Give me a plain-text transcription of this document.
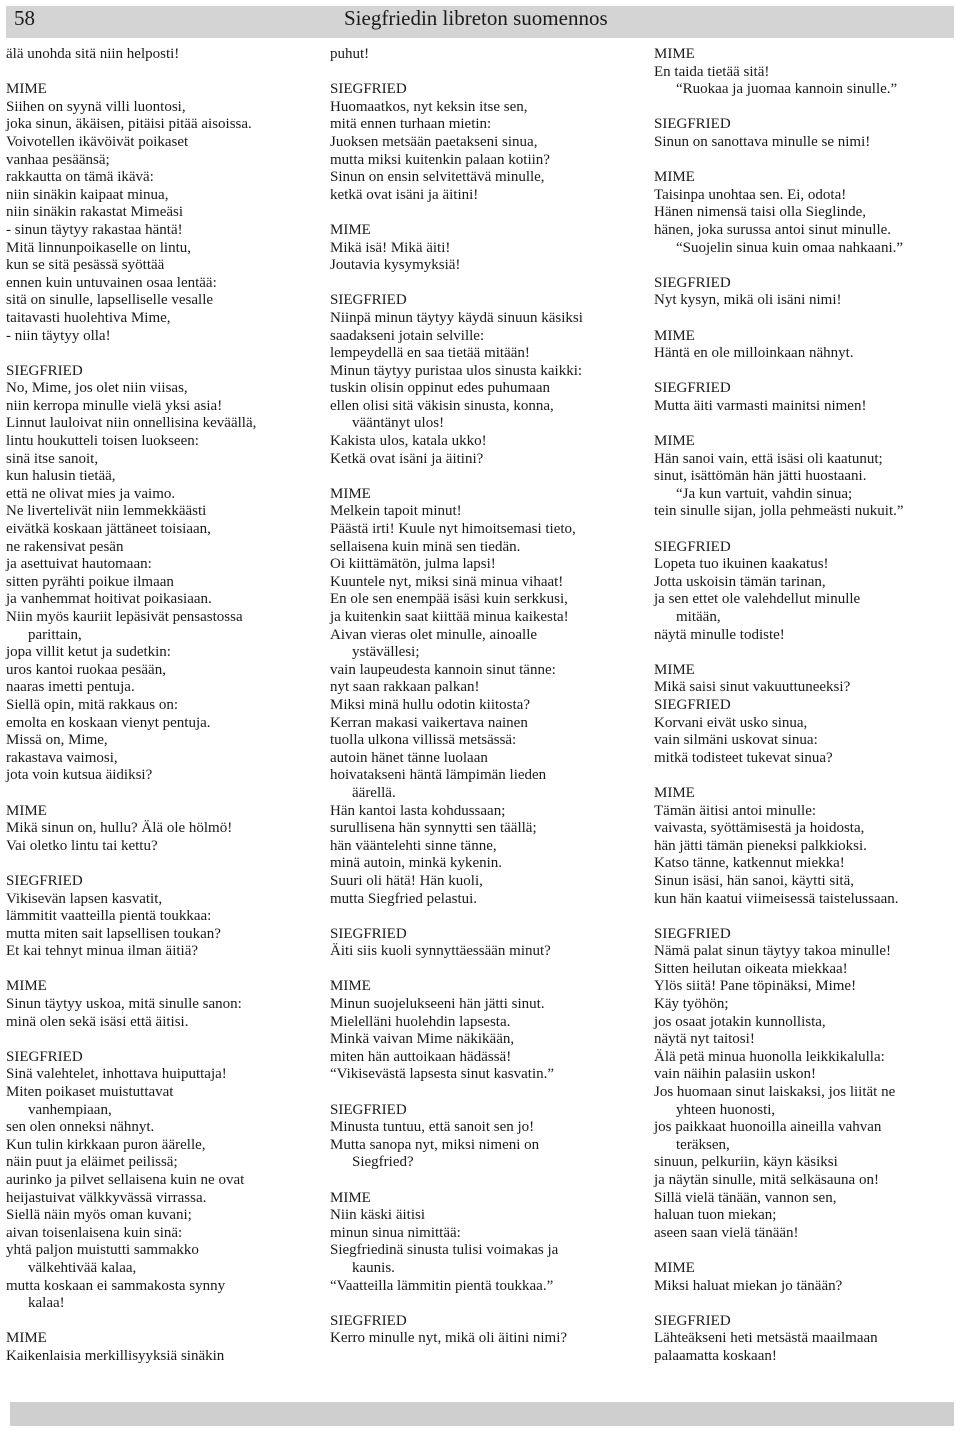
58	Siegfriedin libreton suomennos
älä unohda sitä niin helposti!
MIME
Siihen on syynä villi luontosi,
joka sinun, äkäisen, pitäisi pitää aisoissa.
Voivotellen ikävöivät poikaset
vanhaa pesäänsä;
rakkautta on tämä ikävä:
niin sinäkin kaipaat minua,
niin sinäkin rakastat Mimeäsi
- sinun täytyy rakastaa häntä!
Mitä linnunpoikaselle on lintu,
kun se sitä pesässä syöttää
ennen kuin untuvainen osaa lentää:
sitä on sinulle, lapselliselle vesalle
taitavasti huolehtiva Mime,
- niin täytyy olla!
SIEGFRIED
No, Mime, jos olet niin viisas,
niin kerropa minulle vielä yksi asia!
Linnut lauloivat niin onnellisina keväällä,
lintu houkutteli toisen luokseen:
sinä itse sanoit,
kun halusin tietää,
että ne olivat mies ja vaimo.
Ne livertelivät niin lemmekkäästi
eivätkä koskaan jättäneet toisiaan,
ne rakensivat pesän
ja asettuivat hautomaan:
sitten pyrähti poikue ilmaan
ja vanhemmat hoitivat poikasiaan.
Niin myös kauriit lepäsivät pensastossa
parittain,
jopa villit ketut ja sudetkin:
uros kantoi ruokaa pesään,
naaras imetti pentuja.
Siellä opin, mitä rakkaus on:
emolta en koskaan vienyt pentuja.
Missä on, Mime,
rakastava vaimosi,
jota voin kutsua äidiksi?
MIME
Mikä sinun on, hullu? Älä ole hölmö!
Vai oletko lintu tai kettu?
SIEGFRIED
Vikisevän lapsen kasvatit,
lämmitit vaatteilla pientä toukkaa:
mutta miten sait lapsellisen toukan?
Et kai tehnyt minua ilman äitiä?
MIME
Sinun täytyy uskoa, mitä sinulle sanon:
minä olen sekä isäsi että äitisi.
SIEGFRIED
Sinä valehtelet, inhottava huiputtaja!
Miten poikaset muistuttavat
vanhempiaan,
sen olen onneksi nähnyt.
Kun tulin kirkkaan puron äärelle,
näin puut ja eläimet peilissä;
aurinko ja pilvet sellaisena kuin ne ovat
heijastuivat välkkyvässä virrassa.
Siellä näin myös oman kuvani;
aivan toisenlaisena kuin sinä:
yhtä paljon muistutti sammakko
välkehtivää kalaa,
mutta koskaan ei sammakosta synny
kalaa!
MIME
Kaikenlaisia merkillisyyksiä sinäkin
puhut!
SIEGFRIED
Huomaatkos, nyt keksin itse sen,
mitä ennen turhaan mietin:
Juoksen metsään paetakseni sinua,
mutta miksi kuitenkin palaan kotiin?
Sinun on ensin selvitettävä minulle,
ketkä ovat isäni ja äitini!
MIME
Mikä isä! Mikä äiti!
Joutavia kysymyksiä!
SIEGFRIED
Niinpä minun täytyy käydä sinuun käsiksi
saadakseni jotain selville:
lempeydellä en saa tietää mitään!
Minun täytyy puristaa ulos sinusta kaikki:
tuskin olisin oppinut edes puhumaan
ellen olisi sitä väkisin sinusta, konna,
vääntänyt ulos!
Kakista ulos, katala ukko!
Ketkä ovat isäni ja äitini?
MIME
Melkein tapoit minut!
Päästä irti! Kuule nyt himoitsemasi tieto,
sellaisena kuin minä sen tiedän.
Oi kiittämätön, julma lapsi!
Kuuntele nyt, miksi sinä minua vihaat!
En ole sen enempää isäsi kuin serkkusi,
ja kuitenkin saat kiittää minua kaikesta!
Aivan vieras olet minulle, ainoalle
ystävällesi;
vain laupeudesta kannoin sinut tänne:
nyt saan rakkaan palkan!
Miksi minä hullu odotin kiitosta?
Kerran makasi vaikertava nainen
tuolla ulkona villissä metsässä:
autoin hänet tänne luolaan
hoivatakseni häntä lämpimän lieden
äärellä.
Hän kantoi lasta kohdussaan;
surullisena hän synnytti sen täällä;
hän vääntelehti sinne tänne,
minä autoin, minkä kykenin.
Suuri oli hätä! Hän kuoli,
mutta Siegfried pelastui.
SIEGFRIED
Äiti siis kuoli synnyttäessään minut?
MIME
Minun suojelukseeni hän jätti sinut.
Mielelläni huolehdin lapsesta.
Minkä vaivan Mime näkikään,
miten hän auttoikaan hädässä!
“Vikisevästä lapsesta sinut kasvatin.”
SIEGFRIED
Minusta tuntuu, että sanoit sen jo!
Mutta sanopa nyt, miksi nimeni on
Siegfried?
MIME
Niin käski äitisi
minun sinua nimittää:
Siegfriedinä sinusta tulisi voimakas ja
kaunis.
“Vaatteilla lämmitin pientä toukkaa.”
SIEGFRIED
Kerro minulle nyt, mikä oli äitini nimi?
MIME
En taida tietää sitä!
“Ruokaa ja juomaa kannoin sinulle.”
SIEGFRIED
Sinun on sanottava minulle se nimi!
MIME
Taisinpa unohtaa sen. Ei, odota!
Hänen nimensä taisi olla Sieglinde,
hänen, joka surussa antoi sinut minulle.
“Suojelin sinua kuin omaa nahkaani.”
SIEGFRIED
Nyt kysyn, mikä oli isäni nimi!
MIME
Häntä en ole milloinkaan nähnyt.
SIEGFRIED
Mutta äiti varmasti mainitsi nimen!
MIME
Hän sanoi vain, että isäsi oli kaatunut;
sinut, isättömän hän jätti huostaani.
“Ja kun vartuit, vahdin sinua;
tein sinulle sijan, jolla pehmeästi nukuit.”
SIEGFRIED
Lopeta tuo ikuinen kaakatus!
Jotta uskoisin tämän tarinan,
ja sen ettet ole valehdellut minulle
mitään,
näytä minulle todiste!
MIME
Mikä saisi sinut vakuuttuneeksi?
SIEGFRIED
Korvani eivät usko sinua,
vain silmäni uskovat sinua:
mitkä todisteet tukevat sinua?
MIME
Tämän äitisi antoi minulle:
vaivasta, syöttämisestä ja hoidosta,
hän jätti tämän pieneksi palkkioksi.
Katso tänne, katkennut miekka!
Sinun isäsi, hän sanoi, käytti sitä,
kun hän kaatui viimeisessä taistelussaan.
SIEGFRIED
Nämä palat sinun täytyy takoa minulle!
Sitten heilutan oikeata miekkaa!
Ylös siitä! Pane töpinäksi, Mime!
Käy työhön;
jos osaat jotakin kunnollista,
näytä nyt taitosi!
Älä petä minua huonolla leikkikalulla:
vain näihin palasiin uskon!
Jos huomaan sinut laiskaksi, jos liität ne
yhteen huonosti,
jos paikkaat huonoilla aineilla vahvan
teräksen,
sinuun, pelkuriin, käyn käsiksi
ja näytän sinulle, mitä selkäsauna on!
Sillä vielä tänään, vannon sen,
haluan tuon miekan;
aseen saan vielä tänään!
MIME
Miksi haluat miekan jo tänään?
SIEGFRIED
Lähteäkseni heti metsästä maailmaan
palaamatta koskaan!
